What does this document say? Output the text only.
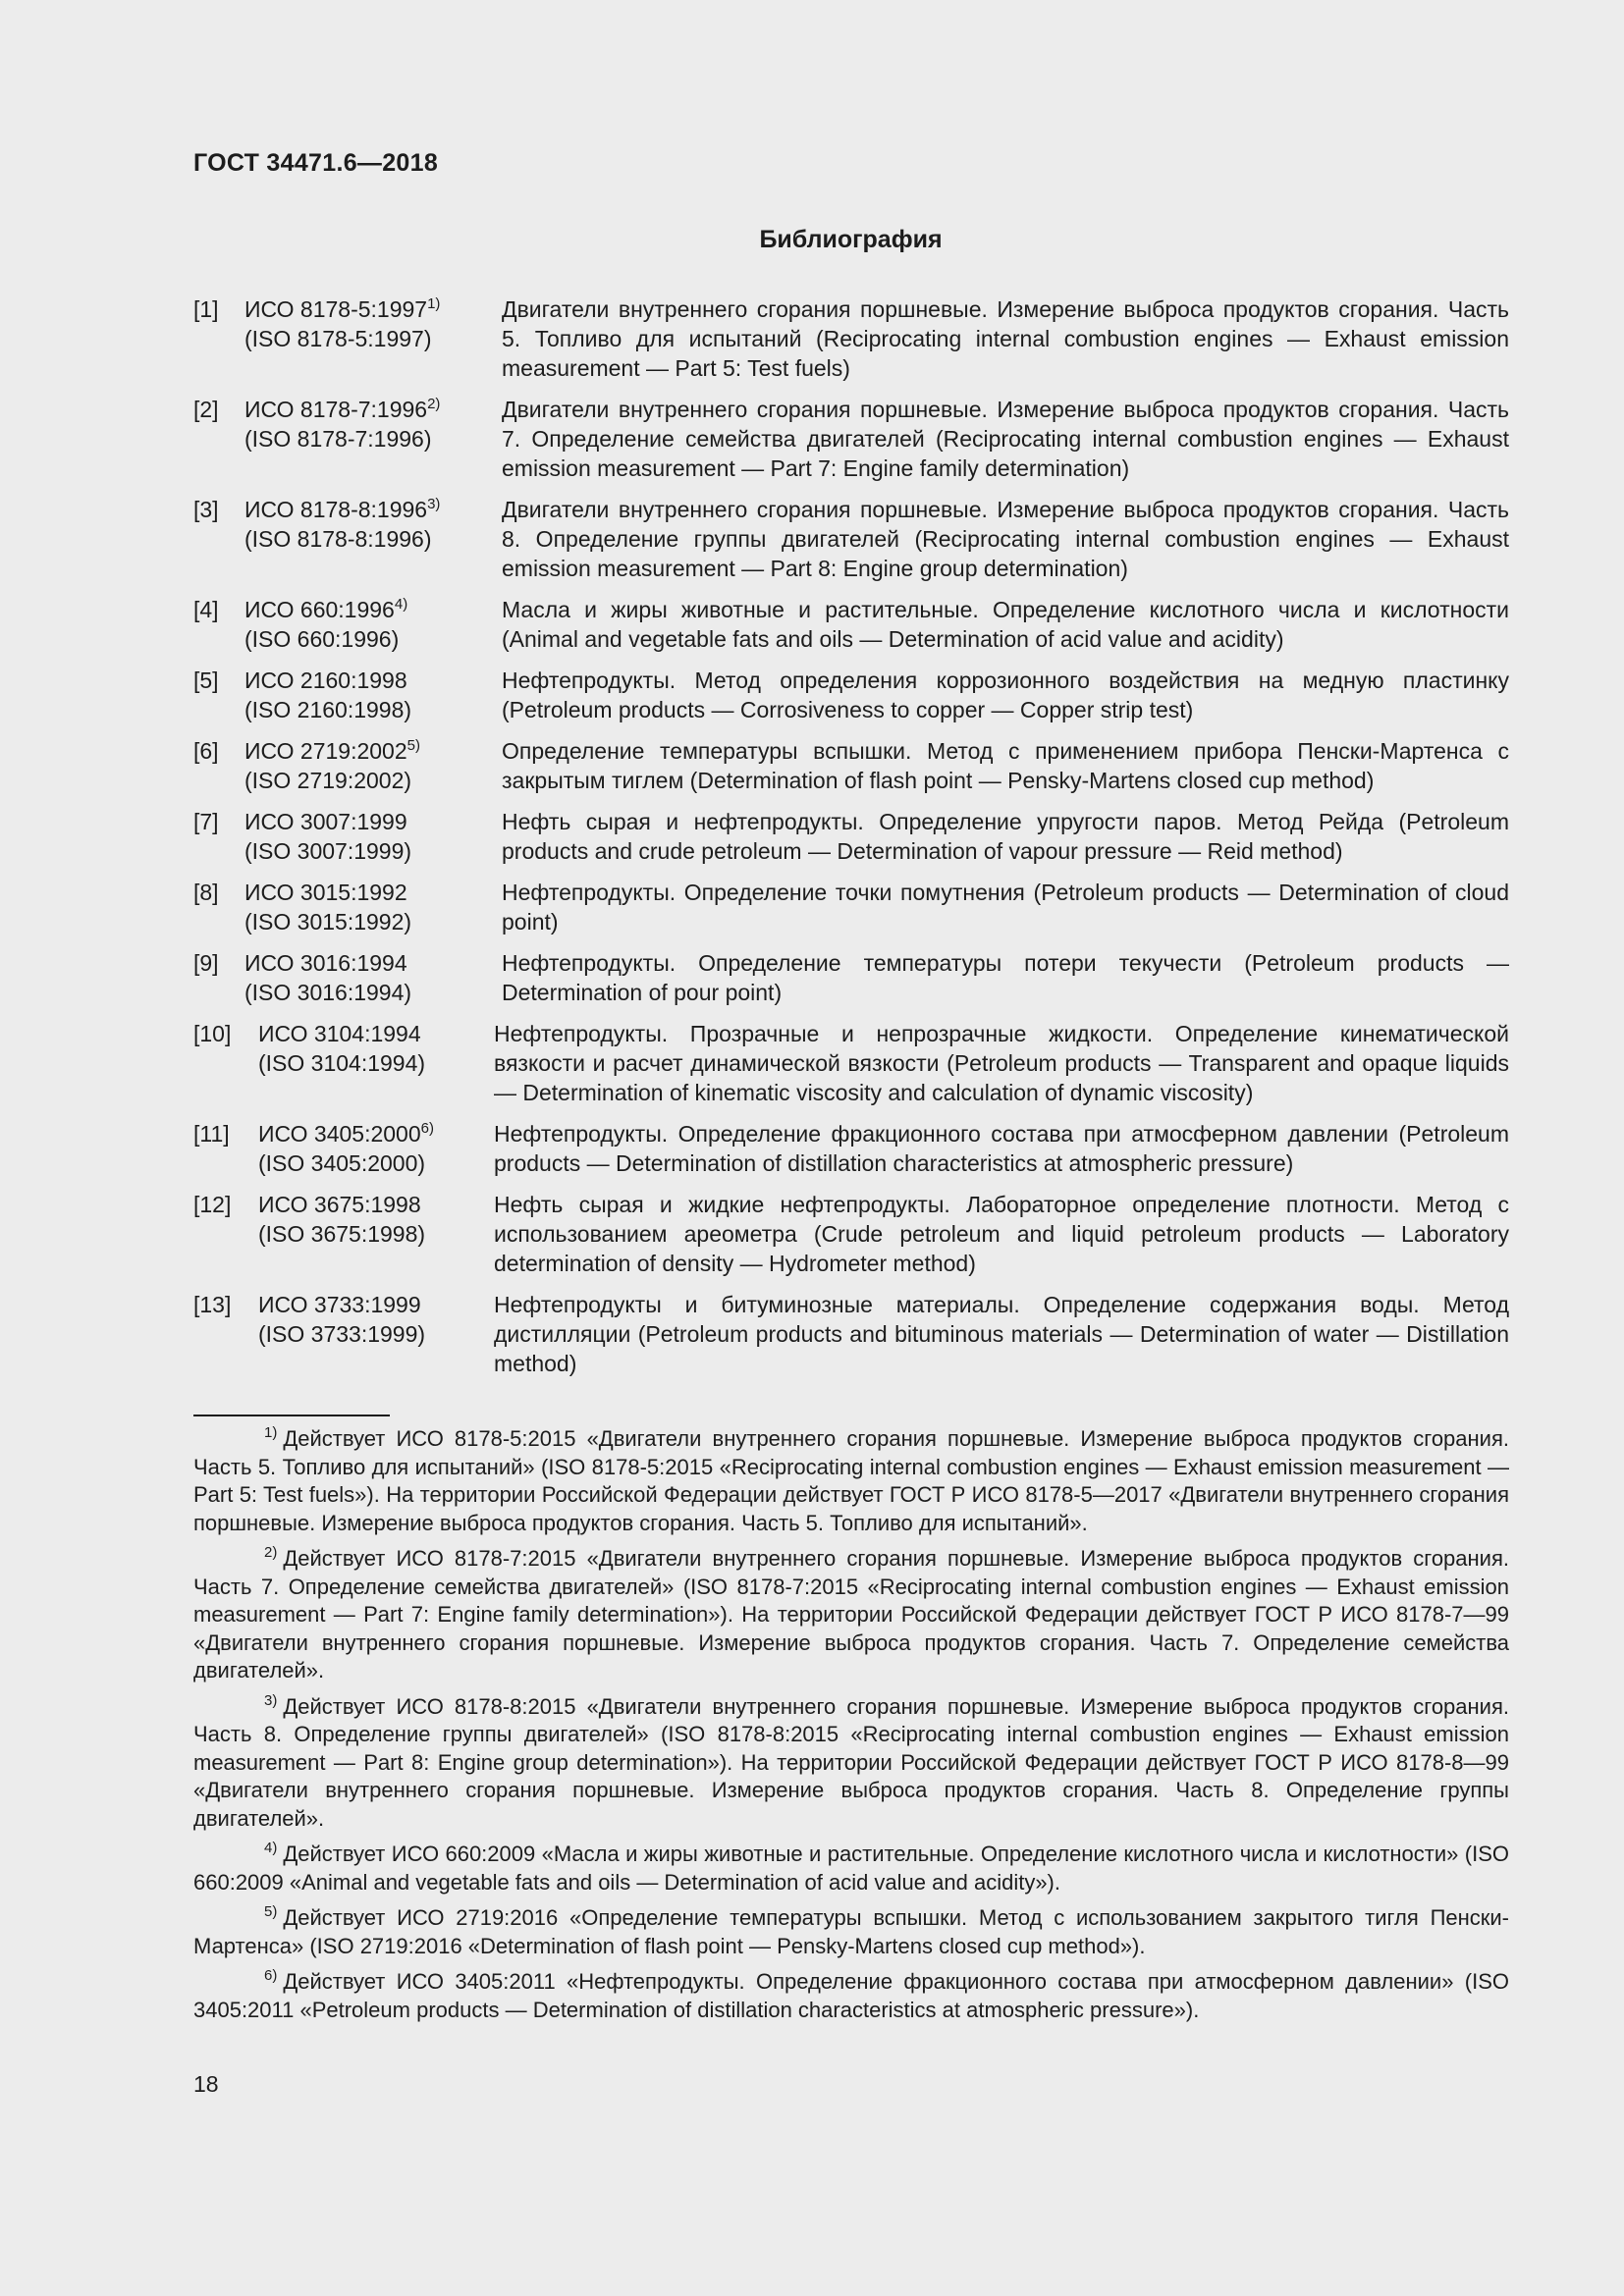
ГОСТ 34471.6—2018
Библиография
[1]	ИСО 8178-5:1997$^{1)}$
(ISO 8178-5:1997)
Двигатели внутреннего сгорания поршневые. Измерение выброса продуктов сгорания. Часть 5. Топливо для испытаний (Reciprocating internal combustion engines — Exhaust emission measurement — Part 5: Test fuels)
[2]	ИСО 8178-7:1996$^{2)}$
(ISO 8178-7:1996)
Двигатели внутреннего сгорания поршневые. Измерение выброса продуктов сгорания. Часть 7. Определение семейства двигателей (Reciprocating internal combustion engines — Exhaust emission measurement — Part 7: Engine family determination)
[3]	ИСО 8178-8:1996$^{3)}$
(ISO 8178-8:1996)
Двигатели внутреннего сгорания поршневые. Измерение выброса продуктов сгорания. Часть 8. Определение группы двигателей (Reciprocating internal combustion engines — Exhaust emission measurement — Part 8: Engine group determination)
[4]	ИСО 660:1996$^{4)}$
(ISO 660:1996)
Масла и жиры животные и растительные. Определение кислотного числа и кислотности (Animal and vegetable fats and oils — Determination of acid value and acidity)
[5]	ИСО 2160:1998
(ISO 2160:1998)
Нефтепродукты. Метод определения коррозионного воздействия на медную пластинку (Petroleum products — Corrosiveness to copper — Copper strip test)
[6]	ИСО 2719:2002$^{5)}$
(ISO 2719:2002)
Определение температуры вспышки. Метод с применением прибора Пенски-Мартенса с закрытым тиглем (Determination of flash point — Pensky-Martens closed cup method)
[7]	ИСО 3007:1999
(ISO 3007:1999)
Нефть сырая и нефтепродукты. Определение упругости паров. Метод Рейда (Petroleum products and crude petroleum — Determination of vapour pressure — Reid method)
[8]	ИСО 3015:1992
(ISO 3015:1992)
Нефтепродукты. Определение точки помутнения (Petroleum products — Determination of cloud point)
[9]	ИСО 3016:1994
(ISO 3016:1994)
Нефтепродукты. Определение температуры потери текучести (Petroleum products — Determination of pour point)
[10]	ИСО 3104:1994
(ISO 3104:1994)
Нефтепродукты. Прозрачные и непрозрачные жидкости. Определение кинематической вязкости и расчет динамической вязкости (Petroleum products — Transparent and opaque liquids — Determination of kinematic viscosity and calculation of dynamic viscosity)
[11]	ИСО 3405:2000$^{6)}$
(ISO 3405:2000)
Нефтепродукты. Определение фракционного состава при атмосферном давлении (Petroleum products — Determination of distillation characteristics at atmospheric pressure)
[12]	ИСО 3675:1998
(ISO 3675:1998)
Нефть сырая и жидкие нефтепродукты. Лабораторное определение плотности. Метод с использованием ареометра (Crude petroleum and liquid petroleum products — Laboratory determination of density — Hydrometer method)
[13]	ИСО 3733:1999
(ISO 3733:1999)
Нефтепродукты и битуминозные материалы. Определение содержания воды. Метод дистилляции (Petroleum products and bituminous materials — Determination of water — Distillation method)
$^{1)}$ Действует ИСО 8178-5:2015 «Двигатели внутреннего сгорания поршневые. Измерение выброса продуктов сгорания. Часть 5. Топливо для испытаний» (ISO 8178-5:2015 «Reciprocating internal combustion engines — Exhaust emission measurement — Part 5: Test fuels»). На территории Российской Федерации действует ГОСТ Р ИСО 8178-5—2017 «Двигатели внутреннего сгорания поршневые. Измерение выброса продуктов сгорания. Часть 5. Топливо для испытаний».
$^{2)}$ Действует ИСО 8178-7:2015 «Двигатели внутреннего сгорания поршневые. Измерение выброса продуктов сгорания. Часть 7. Определение семейства двигателей» (ISO 8178-7:2015 «Reciprocating internal combustion engines — Exhaust emission measurement — Part 7: Engine family determination»). На территории Российской Федерации действует ГОСТ Р ИСО 8178-7—99 «Двигатели внутреннего сгорания поршневые. Измерение выброса продуктов сгорания. Часть 7. Определение семейства двигателей».
$^{3)}$ Действует ИСО 8178-8:2015 «Двигатели внутреннего сгорания поршневые. Измерение выброса продуктов сгорания. Часть 8. Определение группы двигателей» (ISO 8178-8:2015 «Reciprocating internal combustion engines — Exhaust emission measurement — Part 8: Engine group determination»). На территории Российской Федерации действует ГОСТ Р ИСО 8178-8—99 «Двигатели внутреннего сгорания поршневые. Измерение выброса продуктов сгорания. Часть 8. Определение группы двигателей».
$^{4)}$ Действует ИСО 660:2009 «Масла и жиры животные и растительные. Определение кислотного числа и кислотности» (ISO 660:2009 «Animal and vegetable fats and oils — Determination of acid value and acidity»).
$^{5)}$ Действует ИСО 2719:2016 «Определение температуры вспышки. Метод с использованием закрытого тигля Пенски-Мартенса» (ISO 2719:2016 «Determination of flash point — Pensky-Martens closed cup method»).
$^{6)}$ Действует ИСО 3405:2011 «Нефтепродукты. Определение фракционного состава при атмосферном давлении» (ISO 3405:2011 «Petroleum products — Determination of distillation characteristics at atmospheric pressure»).
18
